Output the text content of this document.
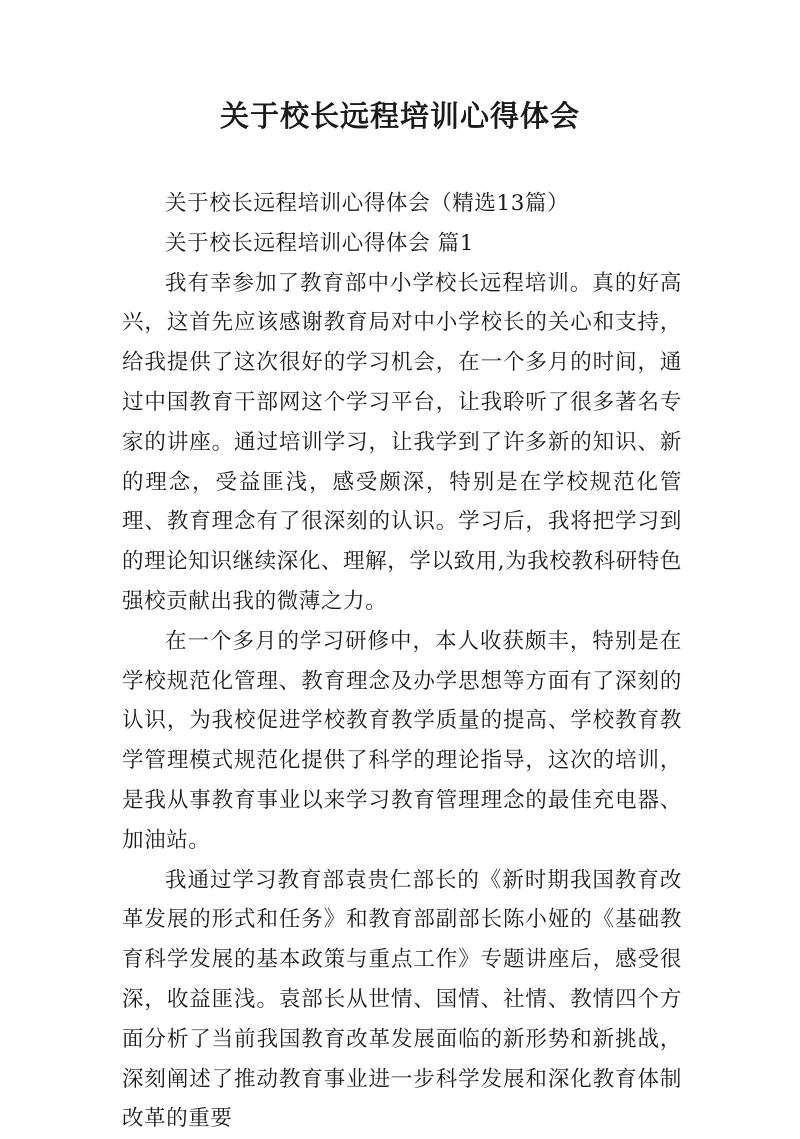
关于校长远程培训心得体会

关于校长远程培训心得体会（精选13篇）

关于校长远程培训心得体会 篇1

我有幸参加了教育部中小学校长远程培训。真的好高兴，这首先应该感谢教育局对中小学校长的关心和支持，给我提供了这次很好的学习机会，在一个多月的时间，通过中国教育干部网这个学习平台，让我聆听了很多著名专家的讲座。通过培训学习，让我学到了许多新的知识、新的理念，受益匪浅，感受颇深，特别是在学校规范化管理、教育理念有了很深刻的认识。学习后，我将把学习到的理论知识继续深化、理解，学以致用,为我校教科研特色强校贡献出我的微薄之力。

在一个多月的学习研修中，本人收获颇丰，特别是在学校规范化管理、教育理念及办学思想等方面有了深刻的认识，为我校促进学校教育教学质量的提高、学校教育教学管理模式规范化提供了科学的理论指导，这次的培训，是我从事教育事业以来学习教育管理理念的最佳充电器、加油站。

我通过学习教育部袁贵仁部长的《新时期我国教育改革发展的形式和任务》和教育部副部长陈小娅的《基础教育科学发展的基本政策与重点工作》专题讲座后，感受很深，收益匪浅。袁部长从世情、国情、社情、教情四个方面分析了当前我国教育改革发展面临的新形势和新挑战，深刻阐述了推动教育事业进一步科学发展和深化教育体制改革的重要
